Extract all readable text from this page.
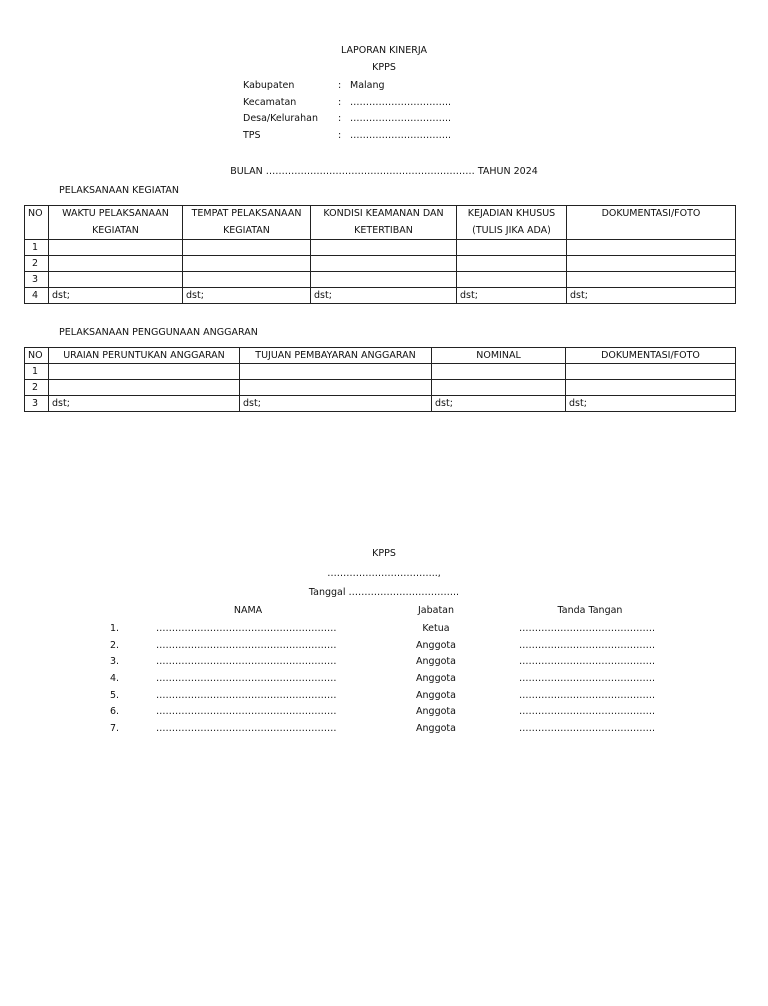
LAPORAN KINERJA
KPPS
Kabupaten	: Malang
Kecamatan	: …………………………..
Desa/Kelurahan : …………………………..
TPS	: …………………………..
BULAN ………………………………………………………… TAHUN 2024
PELAKSANAAN KEGIATAN
NO	WAKTU PELAKSANAAN KEGIATAN	TEMPAT PELAKSANAAN KEGIATAN	KONDISI KEAMANAN DAN KETERTIBAN	KEJADIAN KHUSUS (TULIS JIKA ADA)	DOKUMENTASI/FOTO
1					
2					
3					
4	dst;	dst;	dst;	dst;	dst;
PELAKSANAAN PENGGUNAAN ANGGARAN
NO	URAIAN PERUNTUKAN ANGGARAN	TUJUAN PEMBAYARAN ANGGARAN	NOMINAL	DOKUMENTASI/FOTO
1				
2				
3	dst;	dst;	dst;	dst;
KPPS
……………………………..,
Tanggal ……………………………..
NAMA	Jabatan	Tanda Tangan
1.	…………………………………………………	Ketua	…………………………………….
2.	…………………………………………………	Anggota	…………………………………….
3.	…………………………………………………	Anggota	…………………………………….
4.	…………………………………………………	Anggota	…………………………………….
5.	…………………………………………………	Anggota	…………………………………….
6.	…………………………………………………	Anggota	…………………………………….
7.	…………………………………………………	Anggota	…………………………………….
